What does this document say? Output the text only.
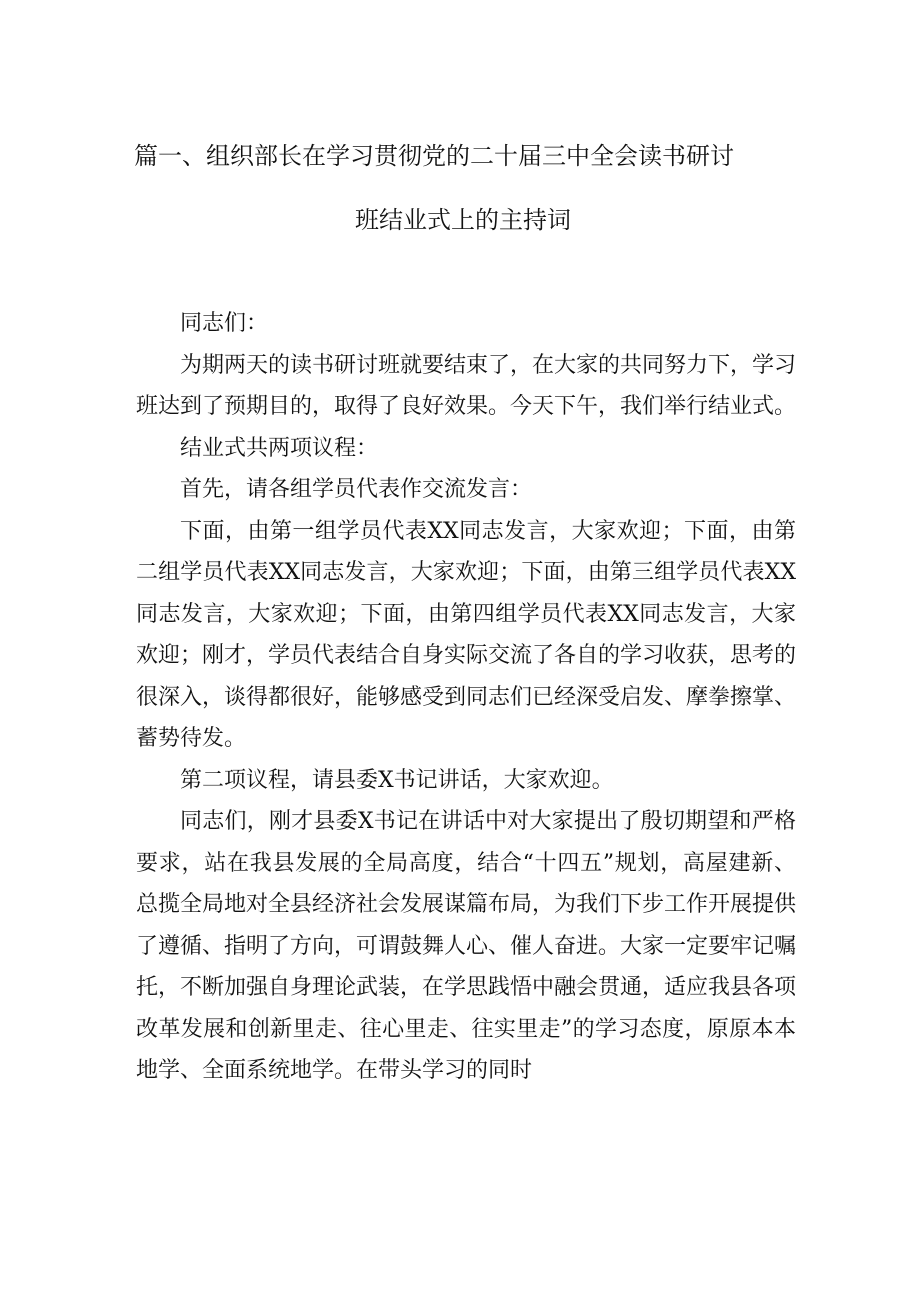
篇一、组织部长在学习贯彻党的二十届三中全会读书研讨
班结业式上的主持词

同志们：

为期两天的读书研讨班就要结束了，在大家的共同努力下，学习班达到了预期目的，取得了良好效果。今天下午，我们举行结业式。

结业式共两项议程：

首先，请各组学员代表作交流发言：

下面，由第一组学员代表XX同志发言，大家欢迎；下面，由第二组学员代表XX同志发言，大家欢迎；下面，由第三组学员代表XX同志发言，大家欢迎；下面，由第四组学员代表XX同志发言，大家欢迎；刚才，学员代表结合自身实际交流了各自的学习收获，思考的很深入，谈得都很好，能够感受到同志们已经深受启发、摩拳擦掌、蓄势待发。

第二项议程，请县委X书记讲话，大家欢迎。

同志们，刚才县委X书记在讲话中对大家提出了殷切期望和严格要求，站在我县发展的全局高度，结合“十四五”规划，高屋建新、总揽全局地对全县经济社会发展谋篇布局，为我们下步工作开展提供了遵循、指明了方向，可谓鼓舞人心、催人奋进。大家一定要牢记嘱托，不断加强自身理论武装，在学思践悟中融会贯通，适应我县各项改革发展和创新里走、往心里走、往实里走”的学习态度，原原本本地学、全面系统地学。在带头学习的同时
